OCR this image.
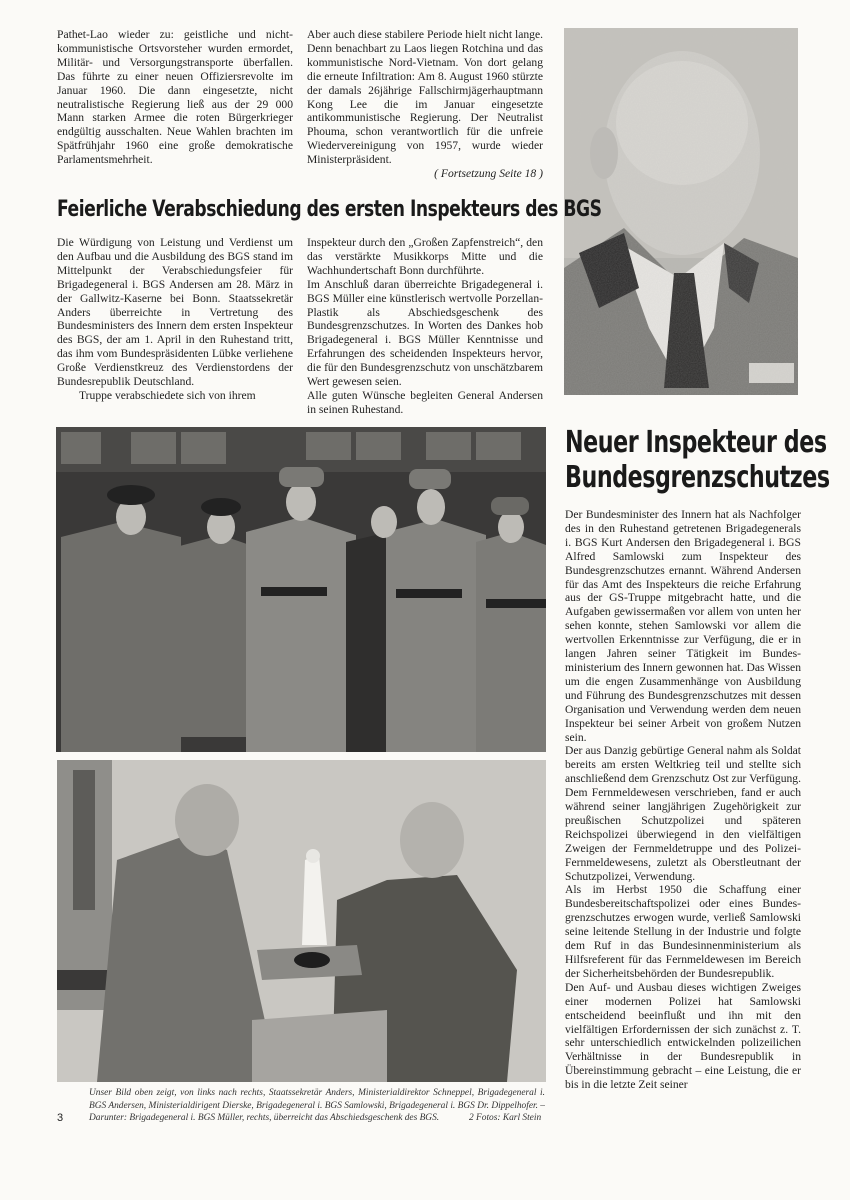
Pathet-Lao wieder zu: geistliche und nichtkommunistische Ortsvorsteher wurden ermordet, Militär- und Versorgungstransporte überfallen. Das führte zu einer neuen Offiziersrevolte im Januar 1960. Die dann eingesetzte, nicht neutralistische Regierung ließ aus der 29 000 Mann starken Armee die roten Bürgerkrieger endgültig ausschalten. Neue Wahlen brachten im Spätfrühjahr 1960 eine große demokratische Parlamentsmehrheit.

Aber auch diese stabilere Periode hielt nicht lange. Denn benachbart zu Laos liegen Rotchina und das kommunistische Nord-Vietnam. Von dort gelang die erneute Infiltration: Am 8. August 1960 stürzte der damals 26jährige Fallschirmjägerhauptmann Kong Lee die im Januar eingesetzte antikommunistische Regierung. Der Neutralist Phouma, schon verantwortlich für die unfreie Wiedervereinigung von 1957, wurde wieder Ministerpräsident.

( Fortsetzung Seite 18 )

Feierliche Verabschiedung des ersten Inspekteurs des BGS

Die Würdigung von Leistung und Verdienst um den Aufbau und die Ausbildung des BGS stand im Mittelpunkt der Verabschiedungsfeier für Brigadegeneral i. BGS Andersen am 28. März in der Gallwitz-Kaserne bei Bonn. Staatssekretär Anders überreichte in Vertretung des Bundesministers des Innern dem ersten Inspekteur des BGS, der am 1. April in den Ruhestand tritt, das ihm vom Bundespräsidenten Lübke verliehene Große Verdienstkreuz des Verdienstordens der Bundesrepublik Deutschland.

Truppe verabschiedete sich von ihrem

Inspekteur durch den „Großen Zapfenstreich“, den das verstärkte Musikkorps Mitte und die Wachhundertschaft Bonn durchführte.

Im Anschluß daran überreichte Brigadegeneral i. BGS Müller eine künstlerisch wertvolle Porzellan-Plastik als Abschiedsgeschenk des Bundesgrenzschutzes. In Worten des Dankes hob Brigadegeneral i. BGS Müller Kenntnisse und Erfahrungen des scheidenden Inspekteurs hervor, die für den Bundesgrenzschutz von unschätzbarem Wert gewesen seien.

Alle guten Wünsche begleiten General Andersen in seinen Ruhestand.

Unser Bild oben zeigt, von links nach rechts, Staatssekretär Anders, Ministerialdirektor Schneppel, Brigadegeneral i. BGS Andersen, Ministerialdirigent Dierske, Brigadegeneral i. BGS Samlowski, Brigadegeneral i. BGS Dr. Dippelhofer. – Darunter: Brigadegeneral i. BGS Müller, rechts, überreicht das Abschiedsgeschenk des BGS.
3	2 Fotos: Karl Stein
Neuer Inspekteur des
Bundesgrenzschutzes

Der Bundesminister des Innern hat als Nachfolger des in den Ruhestand getretenen Brigadegenerals i. BGS Kurt Andersen den Brigadegeneral i. BGS Alfred Samlowski zum Inspekteur des Bundesgrenzschutzes ernannt. Während Andersen für das Amt des Inspekteurs die reiche Erfahrung aus der GS-Truppe mitgebracht hatte, und die Aufgaben gewissermaßen vor allem von unten her sehen konnte, stehen Samlowski vor allem die wertvollen Erkenntnisse zur Verfügung, die er in langen Jahren seiner Tätigkeit im Bundesministerium des Innern gewonnen hat. Das Wissen um die engen Zusammenhänge von Ausbildung und Führung des Bundesgrenzschutzes mit dessen Organisation und Verwendung werden dem neuen Inspekteur bei seiner Arbeit von großem Nutzen sein.

Der aus Danzig gebürtige General nahm als Soldat bereits am ersten Weltkrieg teil und stellte sich anschließend dem Grenzschutz Ost zur Verfügung. Dem Fernmeldewesen verschrieben, fand er auch während seiner langjährigen Zugehörigkeit zur preußischen Schutzpolizei und späteren Reichspolizei überwiegend in den vielfältigen Zweigen der Fernmeldetruppe und des Polizei-Fernmeldewesens, zuletzt als Oberstleutnant der Schutzpolizei, Verwendung.

Als im Herbst 1950 die Schaffung einer Bundesbereitschaftspolizei oder eines Bundesgrenzschutzes erwogen wurde, verließ Samlowski seine leitende Stellung in der Industrie und folgte dem Ruf in das Bundesinnenministerium als Hilfsreferent für das Fernmeldewesen im Bereich der Sicherheitsbehörden der Bundesrepublik.

Den Auf- und Ausbau dieses wichtigen Zweiges einer modernen Polizei hat Samlowski entscheidend beeinflußt und ihn mit den vielfältigen Erfordernissen der sich zunächst z. T. sehr unterschiedlich entwickelnden polizeilichen Verhältnisse in der Bundesrepublik in Übereinstimmung gebracht – eine Leistung, die er bis in die letzte Zeit seiner
